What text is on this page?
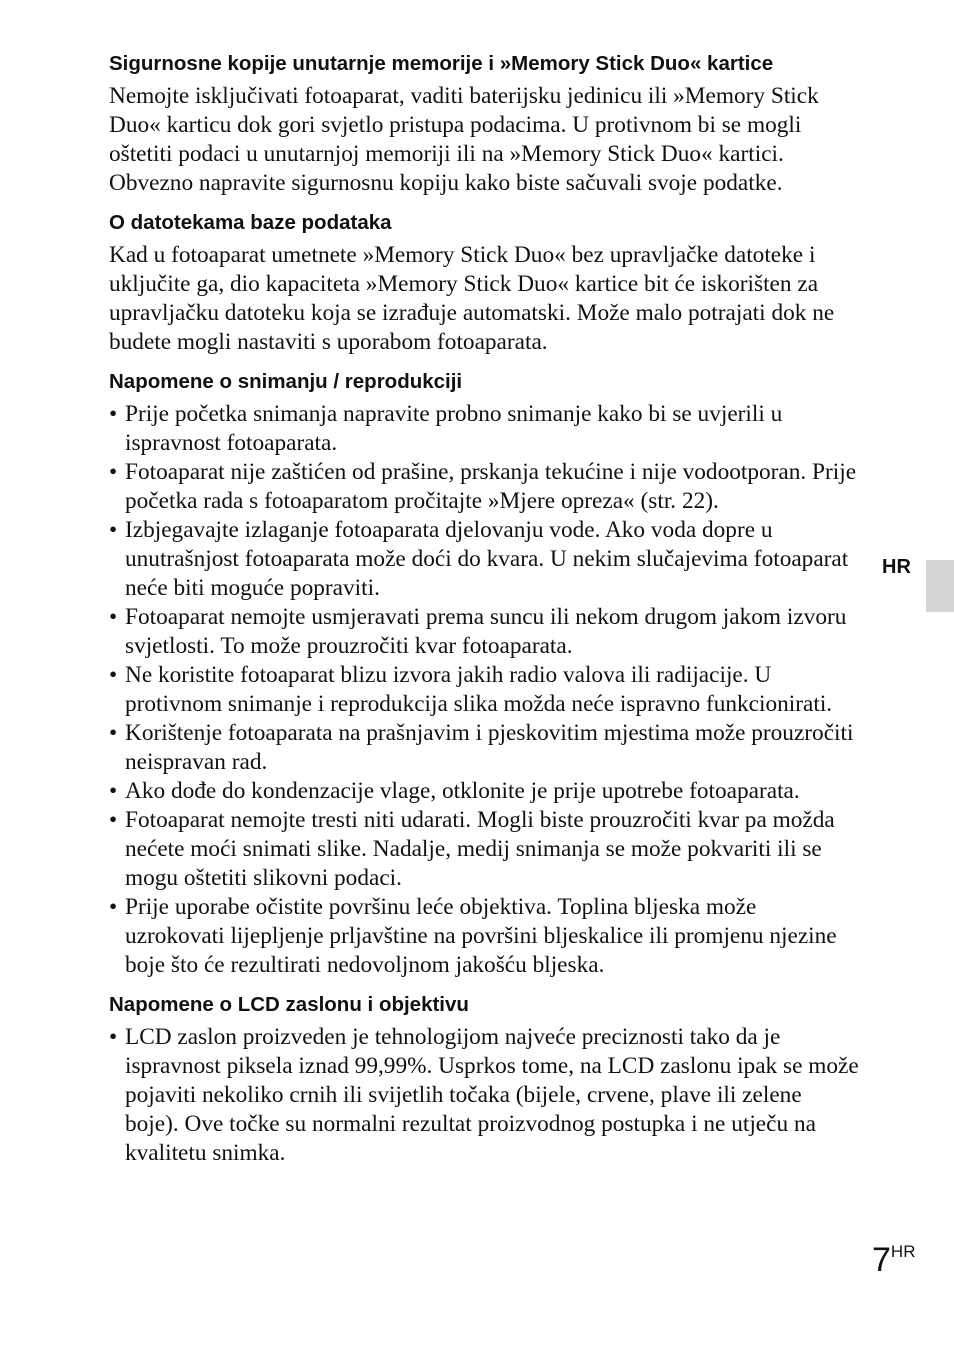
Sigurnosne kopije unutarnje memorije i »Memory Stick Duo« kartice

Nemojte isključivati fotoaparat, vaditi baterijsku jedinicu ili »Memory Stick Duo« karticu dok gori svjetlo pristupa podacima. U protivnom bi se mogli oštetiti podaci u unutarnjoj memoriji ili na »Memory Stick Duo« kartici. Obvezno napravite sigurnosnu kopiju kako biste sačuvali svoje podatke.

O datotekama baze podataka

Kad u fotoaparat umetnete »Memory Stick Duo« bez upravljačke datoteke i uključite ga, dio kapaciteta »Memory Stick Duo« kartice bit će iskorišten za upravljačku datoteku koja se izrađuje automatski. Može malo potrajati dok ne budete mogli nastaviti s uporabom fotoaparata.

Napomene o snimanju / reprodukciji
• Prije početka snimanja napravite probno snimanje kako bi se uvjerili u ispravnost fotoaparata.
• Fotoaparat nije zaštićen od prašine, prskanja tekućine i nije vodootporan. Prije početka rada s fotoaparatom pročitajte »Mjere opreza« (str. 22).
• Izbjegavajte izlaganje fotoaparata djelovanju vode. Ako voda dopre u unutrašnjost fotoaparata može doći do kvara. U nekim slučajevima fotoaparat neće biti moguće popraviti.
• Fotoaparat nemojte usmjeravati prema suncu ili nekom drugom jakom izvoru svjetlosti. To može prouzročiti kvar fotoaparata.
• Ne koristite fotoaparat blizu izvora jakih radio valova ili radijacije. U protivnom snimanje i reprodukcija slika možda neće ispravno funkcionirati.
• Korištenje fotoaparata na prašnjavim i pjeskovitim mjestima može prouzročiti neispravan rad.
• Ako dođe do kondenzacije vlage, otklonite je prije upotrebe fotoaparata.
• Fotoaparat nemojte tresti niti udarati. Mogli biste prouzročiti kvar pa možda nećete moći snimati slike. Nadalje, medij snimanja se može pokvariti ili se mogu oštetiti slikovni podaci.
• Prije uporabe očistite površinu leće objektiva. Toplina bljeska može uzrokovati lijepljenje prljavštine na površini bljeskalice ili promjenu njezine boje što će rezultirati nedovoljnom jakošću bljeska.
Napomene o LCD zaslonu i objektivu
• LCD zaslon proizveden je tehnologijom najveće preciznosti tako da je ispravnost piksela iznad 99,99%. Usprkos tome, na LCD zaslonu ipak se može pojaviti nekoliko crnih ili svijetlih točaka (bijele, crvene, plave ili zelene boje). Ove točke su normalni rezultat proizvodnog postupka i ne utječu na kvalitetu snimka.
HR
7HR
